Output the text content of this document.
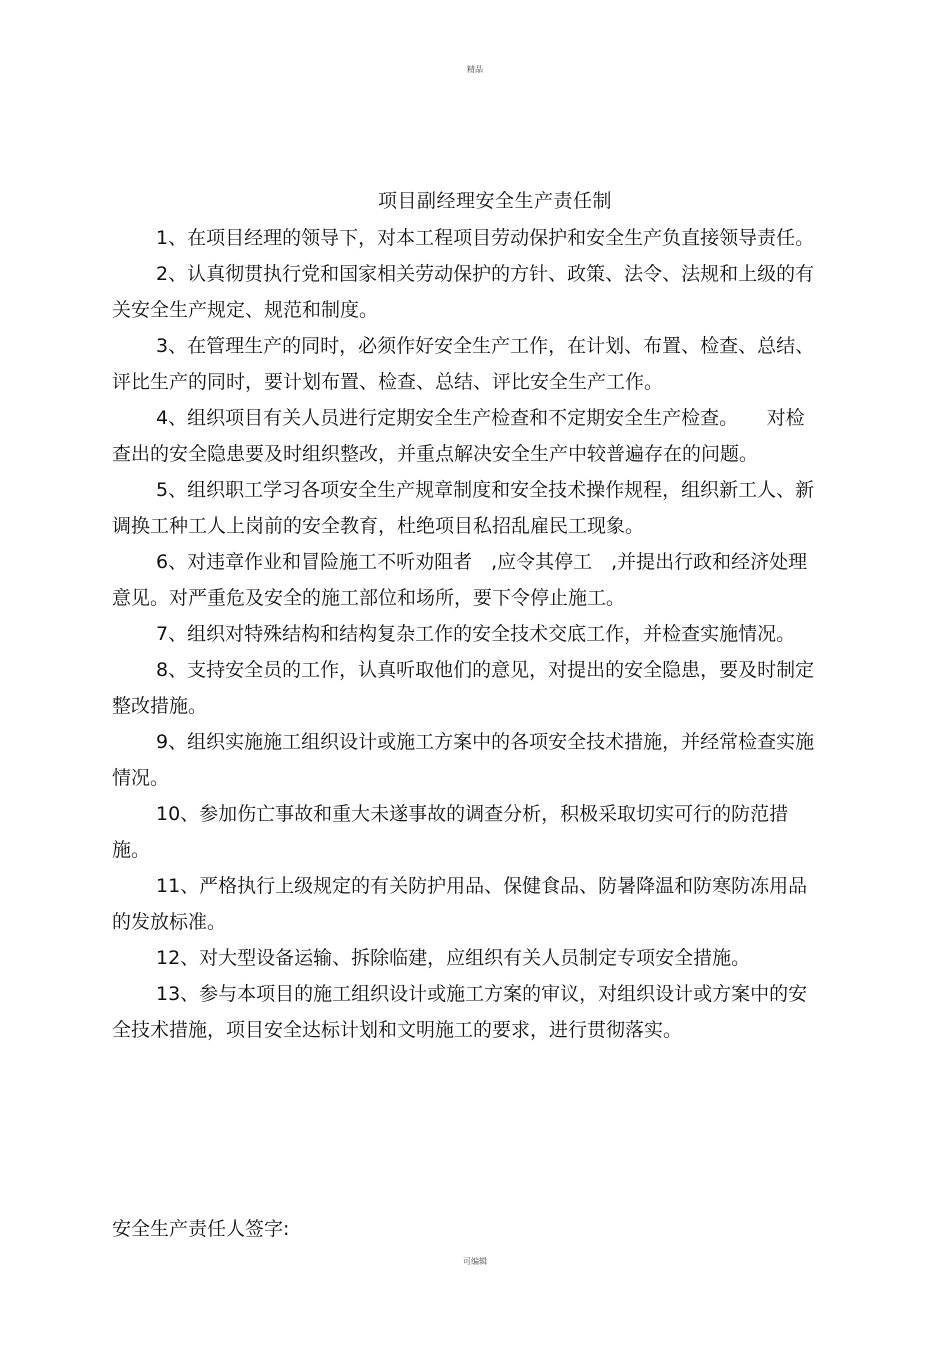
精品
项目副经理安全生产责任制

1、在项目经理的领导下，对本工程项目劳动保护和安全生产负直接领导责任。

2、认真彻贯执行党和国家相关劳动保护的方针、政策、法令、法规和上级的有关安全生产规定、规范和制度。

3、在管理生产的同时，必须作好安全生产工作，在计划、布置、检查、总结、评比生产的同时，要计划布置、检查、总结、评比安全生产工作。

4、组织项目有关人员进行定期安全生产检查和不定期安全生产检查。　　对检查出的安全隐患要及时组织整改，并重点解决安全生产中较普遍存在的问题。

5、组织职工学习各项安全生产规章制度和安全技术操作规程，组织新工人、新调换工种工人上岗前的安全教育，杜绝项目私招乱雇民工现象。

6、对违章作业和冒险施工不听劝阻者　,应令其停工　,并提出行政和经济处理意见。对严重危及安全的施工部位和场所，要下令停止施工。

7、组织对特殊结构和结构复杂工作的安全技术交底工作，并检查实施情况。

8、支持安全员的工作，认真听取他们的意见，对提出的安全隐患，要及时制定整改措施。

9、组织实施施工组织设计或施工方案中的各项安全技术措施，并经常检查实施情况。

10、参加伤亡事故和重大未遂事故的调查分析，积极采取切实可行的防范措施。

11、严格执行上级规定的有关防护用品、保健食品、防暑降温和防寒防冻用品的发放标准。

12、对大型设备运输、拆除临建，应组织有关人员制定专项安全措施。

13、参与本项目的施工组织设计或施工方案的审议，对组织设计或方案中的安全技术措施，项目安全达标计划和文明施工的要求，进行贯彻落实。

安全生产责任人签字:
可编辑
